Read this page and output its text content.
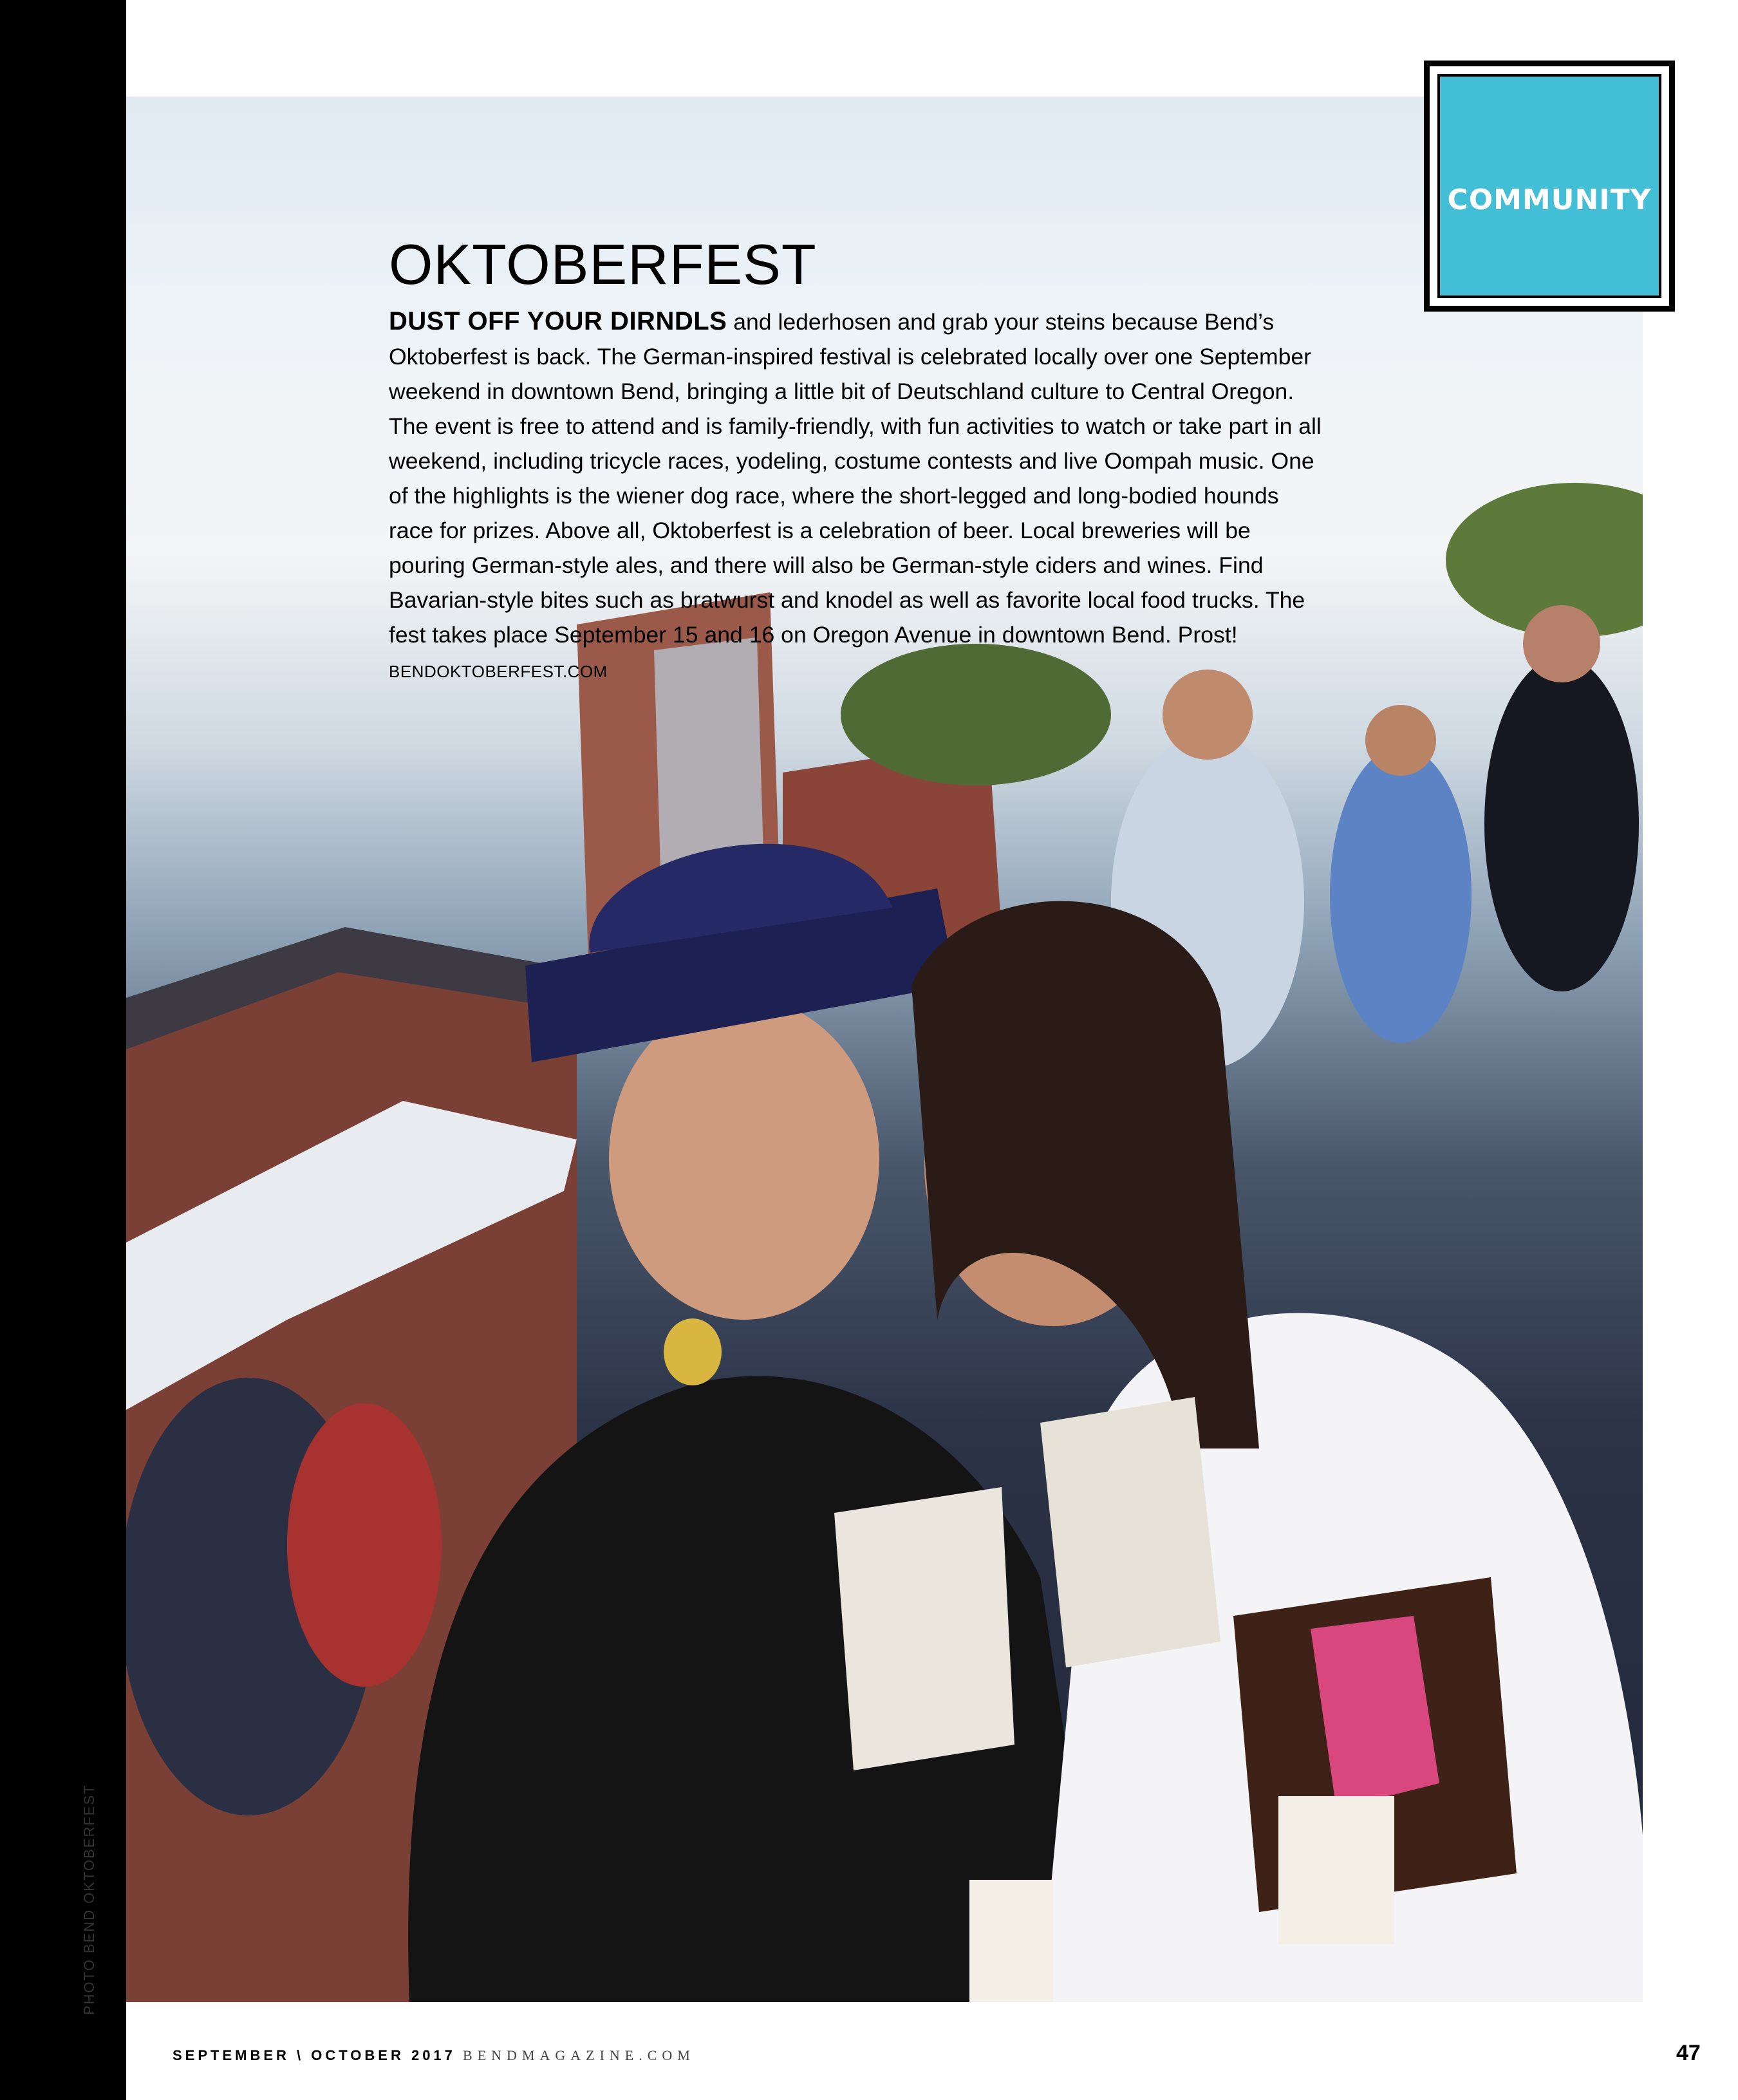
COMMUNITY
OKTOBERFEST
DUST OFF YOUR DIRNDLS and lederhosen and grab your steins because Bend’s Oktoberfest is back. The German-inspired festival is celebrated locally over one September weekend in downtown Bend, bringing a little bit of Deutschland culture to Central Oregon. The event is free to attend and is family-friendly, with fun activities to watch or take part in all weekend, including tricycle races, yodeling, costume contests and live Oompah music. One of the highlights is the wiener dog race, where the short-legged and long-bodied hounds race for prizes. Above all, Oktoberfest is a celebration of beer. Local breweries will be pouring German-style ales, and there will also be German-style ciders and wines. Find Bavarian-style bites such as bratwurst and knodel as well as favorite local food trucks. The fest takes place September 15 and 16 on Oregon Avenue in downtown Bend. Prost! BENDOKTOBERFEST.COM
PHOTO BEND OKTOBERFEST
SEPTEMBER \ OCTOBER 2017 BENDMAGAZINE.COM	47
